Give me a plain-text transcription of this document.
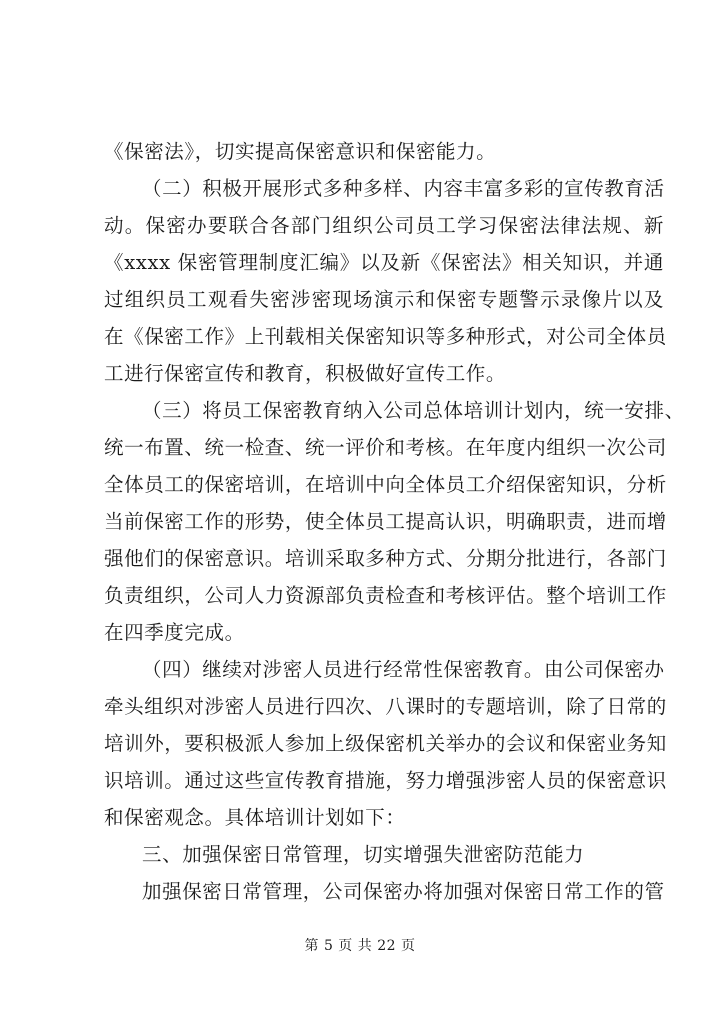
《保密法》，切实提高保密意识和保密能力。
（二）积极开展形式多种多样、内容丰富多彩的宣传教育活
动。保密办要联合各部门组织公司员工学习保密法律法规、新
《xxxx 保密管理制度汇编》以及新《保密法》相关知识，并通
过组织员工观看失密涉密现场演示和保密专题警示录像片以及
在《保密工作》上刊载相关保密知识等多种形式，对公司全体员
工进行保密宣传和教育，积极做好宣传工作。
（三）将员工保密教育纳入公司总体培训计划内，统一安排、
统一布置、统一检查、统一评价和考核。在年度内组织一次公司
全体员工的保密培训，在培训中向全体员工介绍保密知识，分析
当前保密工作的形势，使全体员工提高认识，明确职责，进而增
强他们的保密意识。培训采取多种方式、分期分批进行，各部门
负责组织，公司人力资源部负责检查和考核评估。整个培训工作
在四季度完成。
（四）继续对涉密人员进行经常性保密教育。由公司保密办
牵头组织对涉密人员进行四次、八课时的专题培训，除了日常的
培训外，要积极派人参加上级保密机关举办的会议和保密业务知
识培训。通过这些宣传教育措施，努力增强涉密人员的保密意识
和保密观念。具体培训计划如下：
三、加强保密日常管理，切实增强失泄密防范能力
加强保密日常管理，公司保密办将加强对保密日常工作的管
第 5 页 共 22 页
